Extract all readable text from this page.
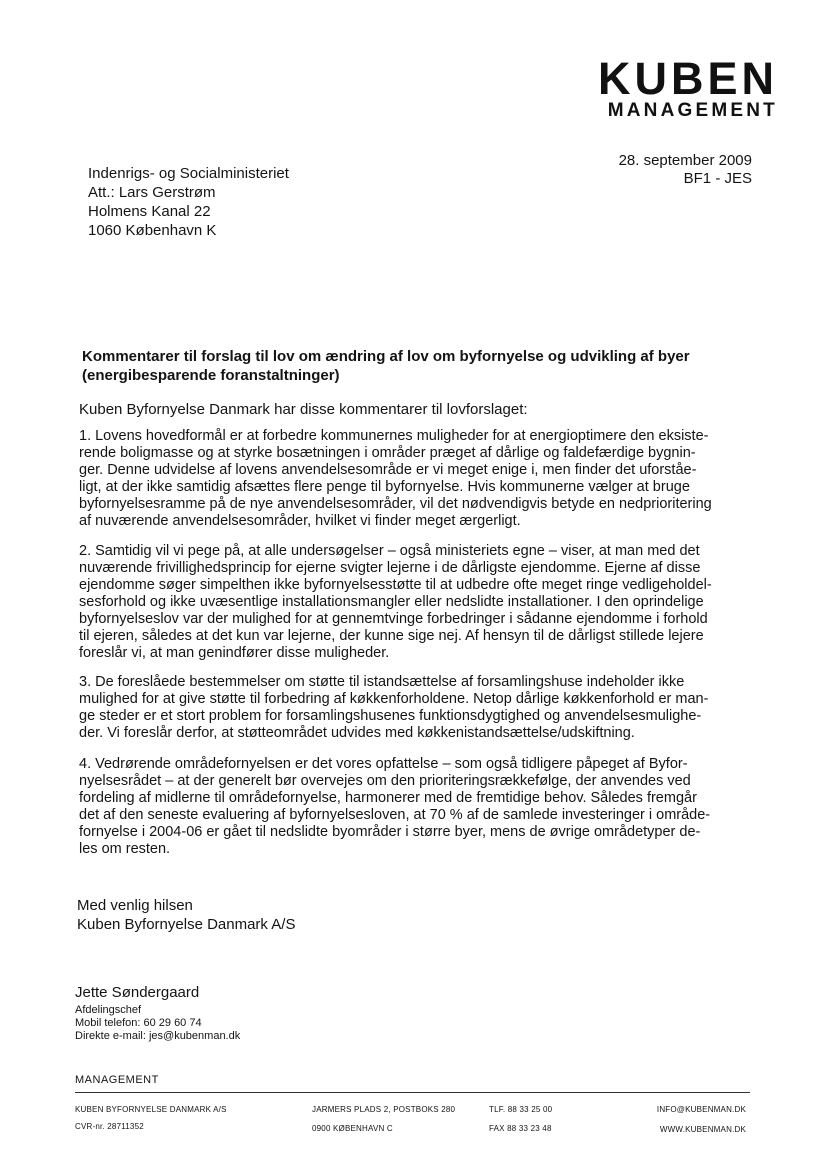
KUBEN
MANAGEMENT
28. september 2009
BF1 - JES
Indenrigs- og Socialministeriet
Att.: Lars Gerstrøm
Holmens Kanal 22
1060 København K
Kommentarer til forslag til lov om ændring af lov om byfornyelse og udvikling af byer
(energibesparende foranstaltninger)
Kuben Byfornyelse Danmark har disse kommentarer til lovforslaget:
1. Lovens hovedformål er at forbedre kommunernes muligheder for at energioptimere den eksiste-
rende boligmasse og at styrke bosætningen i områder præget af dårlige og faldefærdige bygnin-
ger. Denne udvidelse af lovens anvendelsesområde er vi meget enige i, men finder det uforståe-
ligt, at der ikke samtidig afsættes flere penge til byfornyelse. Hvis kommunerne vælger at bruge
byfornyelsesramme på de nye anvendelsesområder, vil det nødvendigvis betyde en nedprioritering
af nuværende anvendelsesområder, hvilket vi finder meget ærgerligt.
2. Samtidig vil vi pege på, at alle undersøgelser – også ministeriets egne – viser, at man med det
nuværende frivillighedsprincip for ejerne svigter lejerne i de dårligste ejendomme. Ejerne af disse
ejendomme søger simpelthen ikke byfornyelsesstøtte til at udbedre ofte meget ringe vedligeholdel-
sesforhold og ikke uvæsentlige installationsmangler eller nedslidte installationer. I den oprindelige
byfornyelseslov var der mulighed for at gennemtvinge forbedringer i sådanne ejendomme i forhold
til ejeren, således at det kun var lejerne, der kunne sige nej. Af hensyn til de dårligst stillede lejere
foreslår vi, at man genindfører disse muligheder.
3. De foreslåede bestemmelser om støtte til istandsættelse af forsamlingshuse indeholder ikke
mulighed for at give støtte til forbedring af køkkenforholdene. Netop dårlige køkkenforhold er man-
ge steder er et stort problem for forsamlingshusenes funktionsdygtighed og anvendelsesmulighe-
der. Vi foreslår derfor, at støtteområdet udvides med køkkenistandsættelse/udskiftning.
4. Vedrørende områdefornyelsen er det vores opfattelse – som også tidligere påpeget af Byfor-
nyelsesrådet – at der generelt bør overvejes om den prioriteringsrækkefølge, der anvendes ved
fordeling af midlerne til områdefornyelse, harmonerer med de fremtidige behov. Således fremgår
det af den seneste evaluering af byfornyelsesloven, at 70 % af de samlede investeringer i område-
fornyelse i 2004-06 er gået til nedslidte byområder i større byer, mens de øvrige områdetyper de-
les om resten.
Med venlig hilsen
Kuben Byfornyelse Danmark A/S
Jette Søndergaard
Afdelingschef
Mobil telefon: 60 29 60 74
Direkte e-mail: jes@kubenman.dk
MANAGEMENT
KUBEN BYFORNYELSE DANMARK A/S
CVR-nr. 28711352
JARMERS PLADS 2, POSTBOKS 280
0900 KØBENHAVN C
TLF. 88 33 25 00
FAX 88 33 23 48
INFO@KUBENMAN.DK
WWW.KUBENMAN.DK
